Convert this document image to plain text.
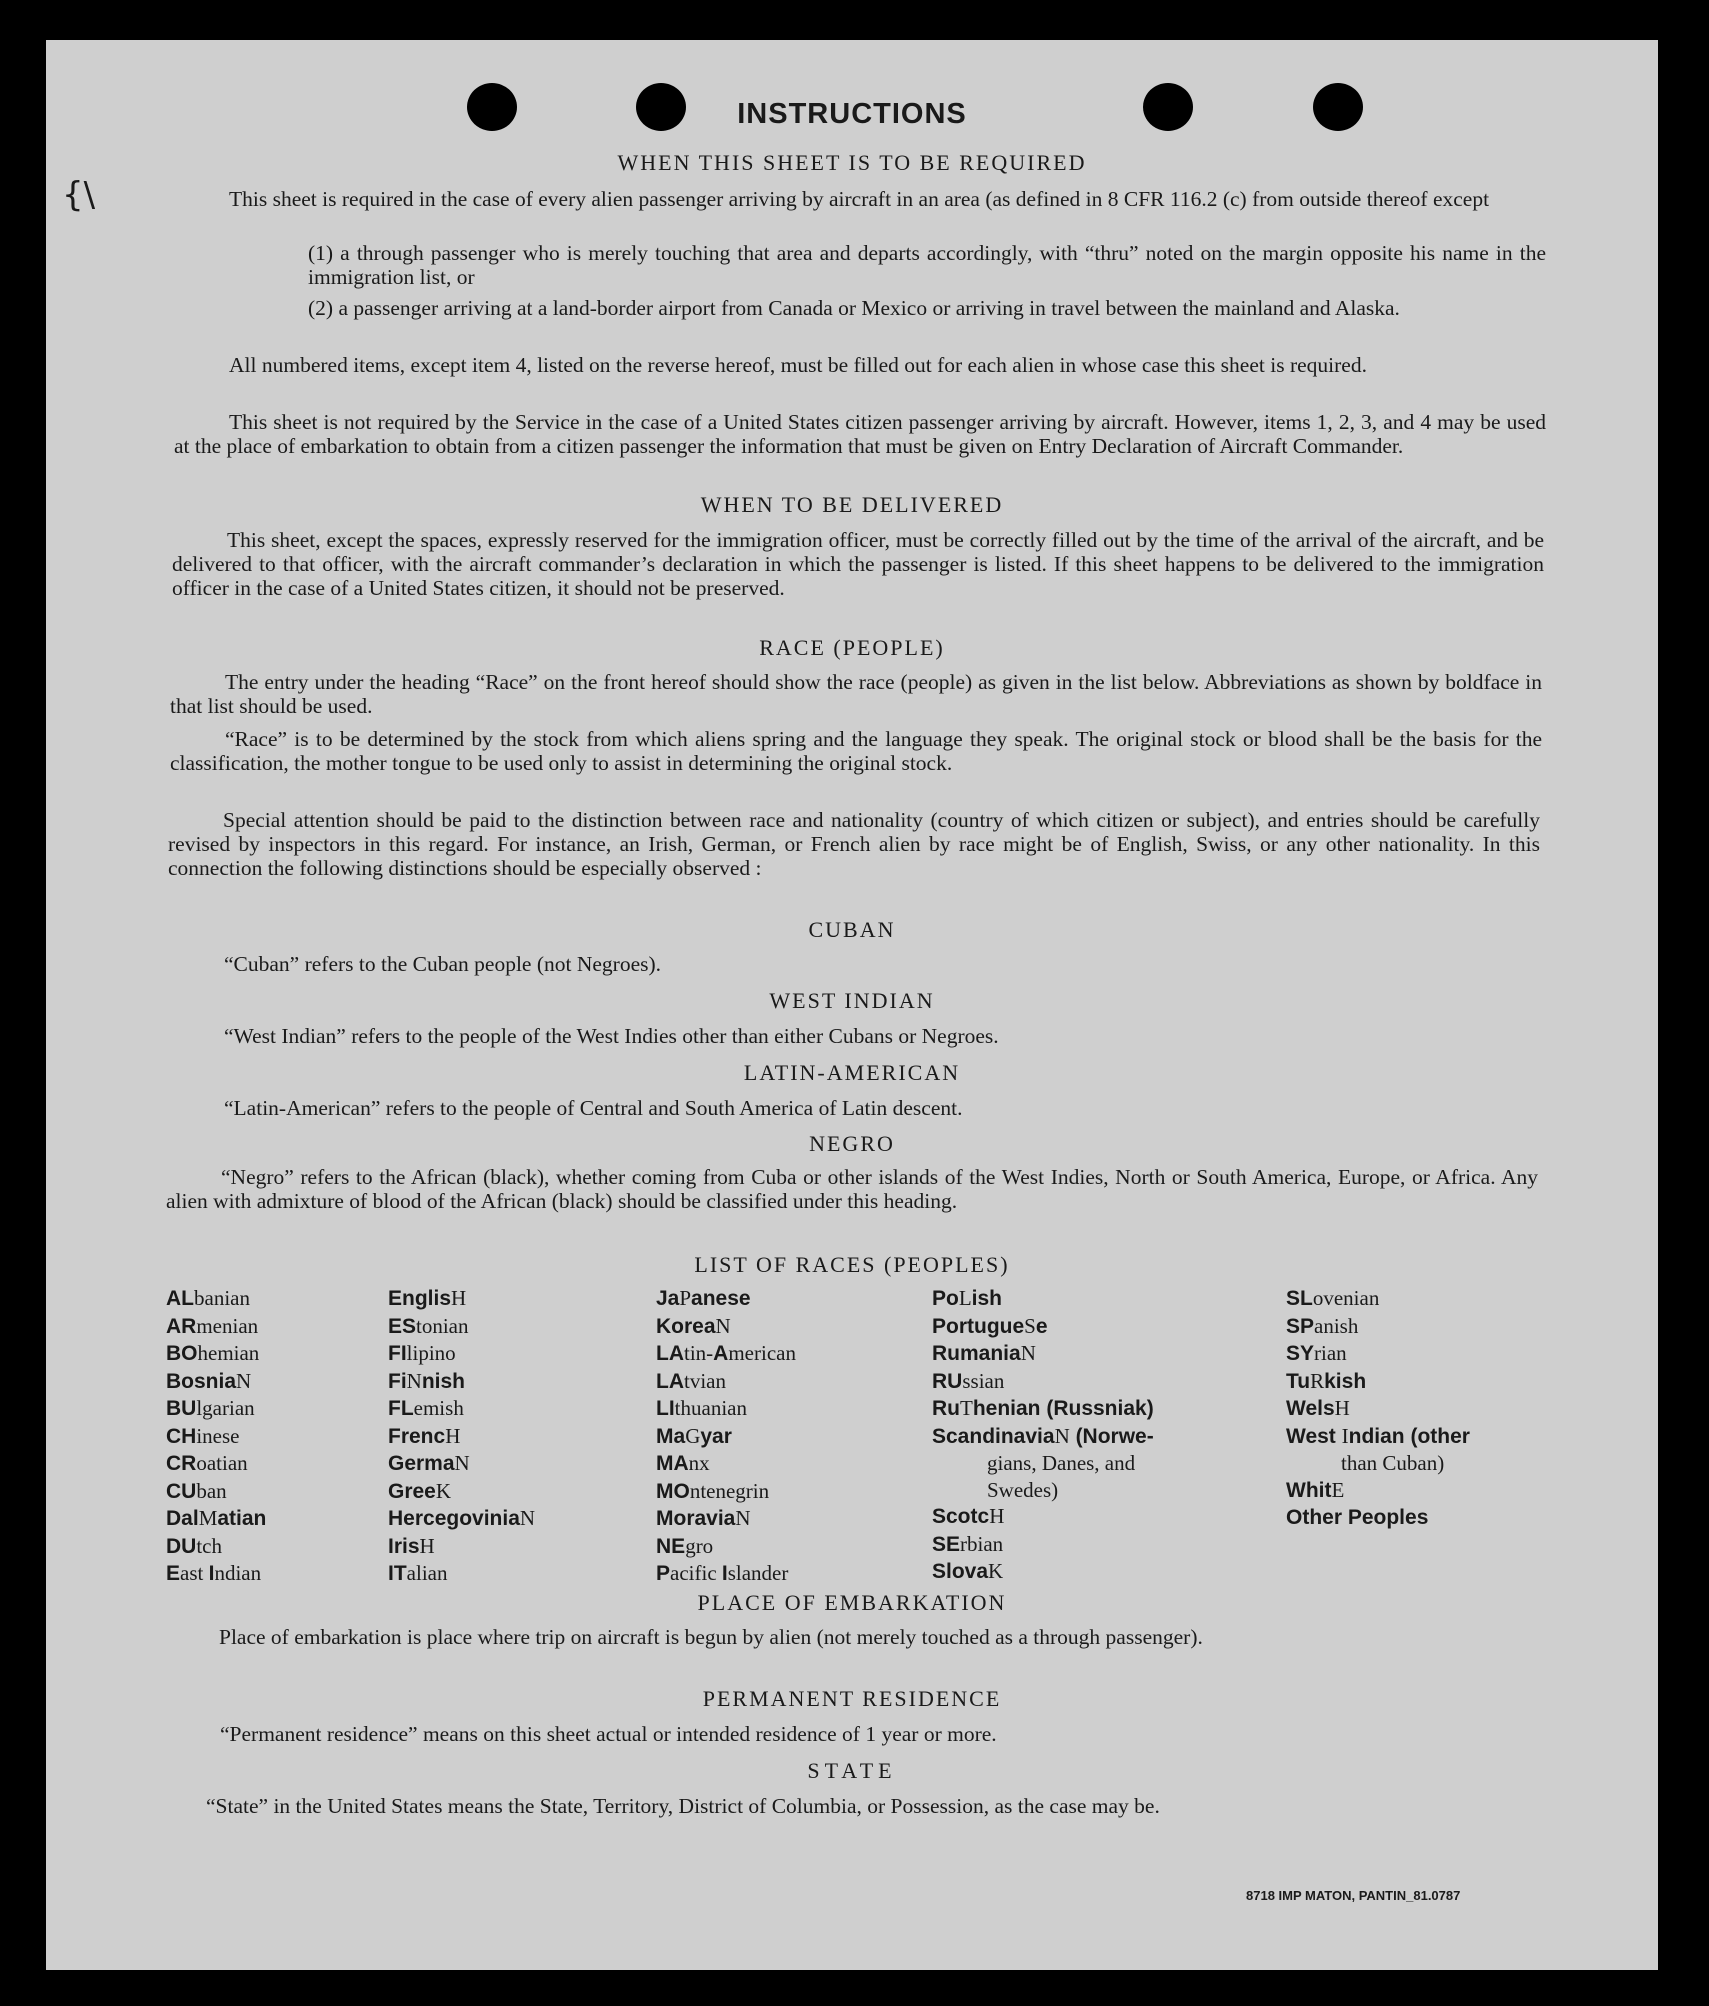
{\
INSTRUCTIONS
WHEN THIS SHEET IS TO BE REQUIRED
This sheet is required in the case of every alien passenger arriving by aircraft in an area (as defined in 8 CFR 116.2 (c) from outside thereof except
(1) a through passenger who is merely touching that area and departs accordingly, with “thru” noted on the margin opposite his name in the immigration list, or
(2) a passenger arriving at a land-border airport from Canada or Mexico or arriving in travel between the mainland and Alaska.
All numbered items, except item 4, listed on the reverse hereof, must be filled out for each alien in whose case this sheet is required.
This sheet is not required by the Service in the case of a United States citizen passenger arriving by aircraft. However, items 1, 2, 3, and 4 may be used at the place of embarkation to obtain from a citizen passenger the information that must be given on Entry Declaration of Aircraft Commander.
WHEN TO BE DELIVERED
This sheet, except the spaces, expressly reserved for the immigration officer, must be correctly filled out by the time of the arrival of the aircraft, and be delivered to that officer, with the aircraft commander’s declaration in which the passenger is listed. If this sheet happens to be delivered to the immigration officer in the case of a United States citizen, it should not be preserved.
RACE (PEOPLE)
The entry under the heading “Race” on the front hereof should show the race (people) as given in the list below. Abbreviations as shown by boldface in that list should be used.
“Race” is to be determined by the stock from which aliens spring and the language they speak. The original stock or blood shall be the basis for the classification, the mother tongue to be used only to assist in determining the original stock.
Special attention should be paid to the distinction between race and nationality (country of which citizen or subject), and entries should be carefully revised by inspectors in this regard. For instance, an Irish, German, or French alien by race might be of English, Swiss, or any other nationality. In this connection the following distinctions should be especially observed :
CUBAN
“Cuban” refers to the Cuban people (not Negroes).
WEST INDIAN
“West Indian” refers to the people of the West Indies other than either Cubans or Negroes.
LATIN-AMERICAN
“Latin-American” refers to the people of Central and South America of Latin descent.
NEGRO
“Negro” refers to the African (black), whether coming from Cuba or other islands of the West Indies, North or South America, Europe, or Africa. Any alien with admixture of blood of the African (black) should be classified under this heading.
LIST OF RACES (PEOPLES)
ALbanian
ARmenian
BOhemian
BosniaN
BUlgarian
CHinese
CRoatian
CUban
DalMatian
DUtch
East Indian
EnglisH
EStonian
FIlipino
FiNnish
FLemish
FrencH
GermaN
GreeK
HercegoviniaN
IrisH
ITalian
JaPanese
KoreaN
LAtin-American
LAtvian
LIthuanian
MaGyar
MAnx
MOntenegrin
MoraviaN
NEgro
Pacific Islander
PoLish
PortugueSe
RumaniaN
RUssian
RuThenian (Russniak)
ScandinaviaN (Norwe-
gians, Danes, and
Swedes)
ScotcH
SErbian
SlovaK
SLovenian
SPanish
SYrian
TuRkish
WelsH
West Indian (other
than Cuban)
WhitE
Other Peoples
PLACE OF EMBARKATION
Place of embarkation is place where trip on aircraft is begun by alien (not merely touched as a through passenger).
PERMANENT RESIDENCE
“Permanent residence” means on this sheet actual or intended residence of 1 year or more.
STATE
“State” in the United States means the State, Territory, District of Columbia, or Possession, as the case may be.
8718 IMP MATON, PANTIN_81.0787
